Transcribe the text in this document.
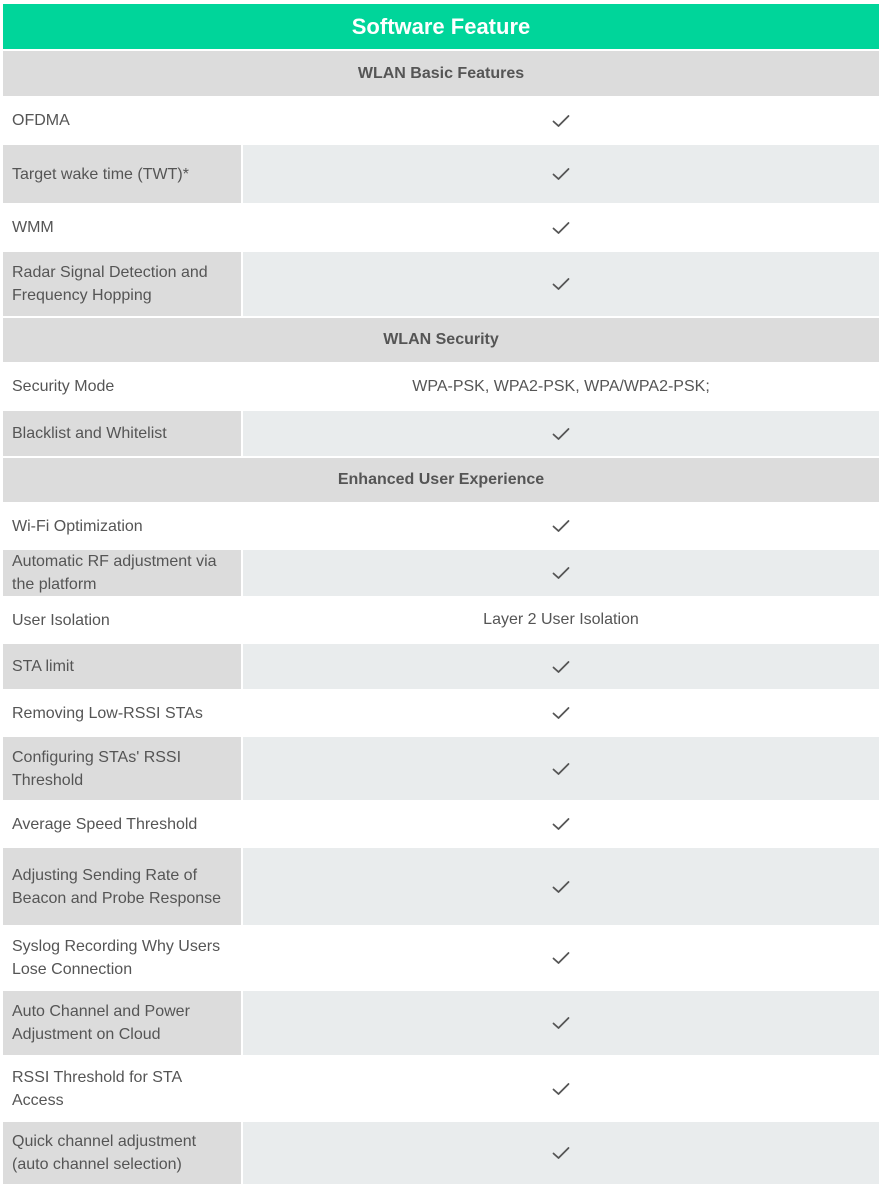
Software Feature
WLAN Basic Features
OFDMA
Target wake time (TWT)*
WMM
Radar Signal Detection and Frequency Hopping
WLAN Security
Security Mode	WPA-PSK, WPA2-PSK, WPA/WPA2-PSK;
Blacklist and Whitelist
Enhanced User Experience
Wi-Fi Optimization
Automatic RF adjustment via the platform
User Isolation	Layer 2 User Isolation
STA limit
Removing Low-RSSI STAs
Configuring STAs' RSSI Threshold
Average Speed Threshold
Adjusting Sending Rate of Beacon and Probe Response
Syslog Recording Why Users Lose Connection
Auto Channel and Power Adjustment on Cloud
RSSI Threshold for STA Access
Quick channel adjustment (auto channel selection)
